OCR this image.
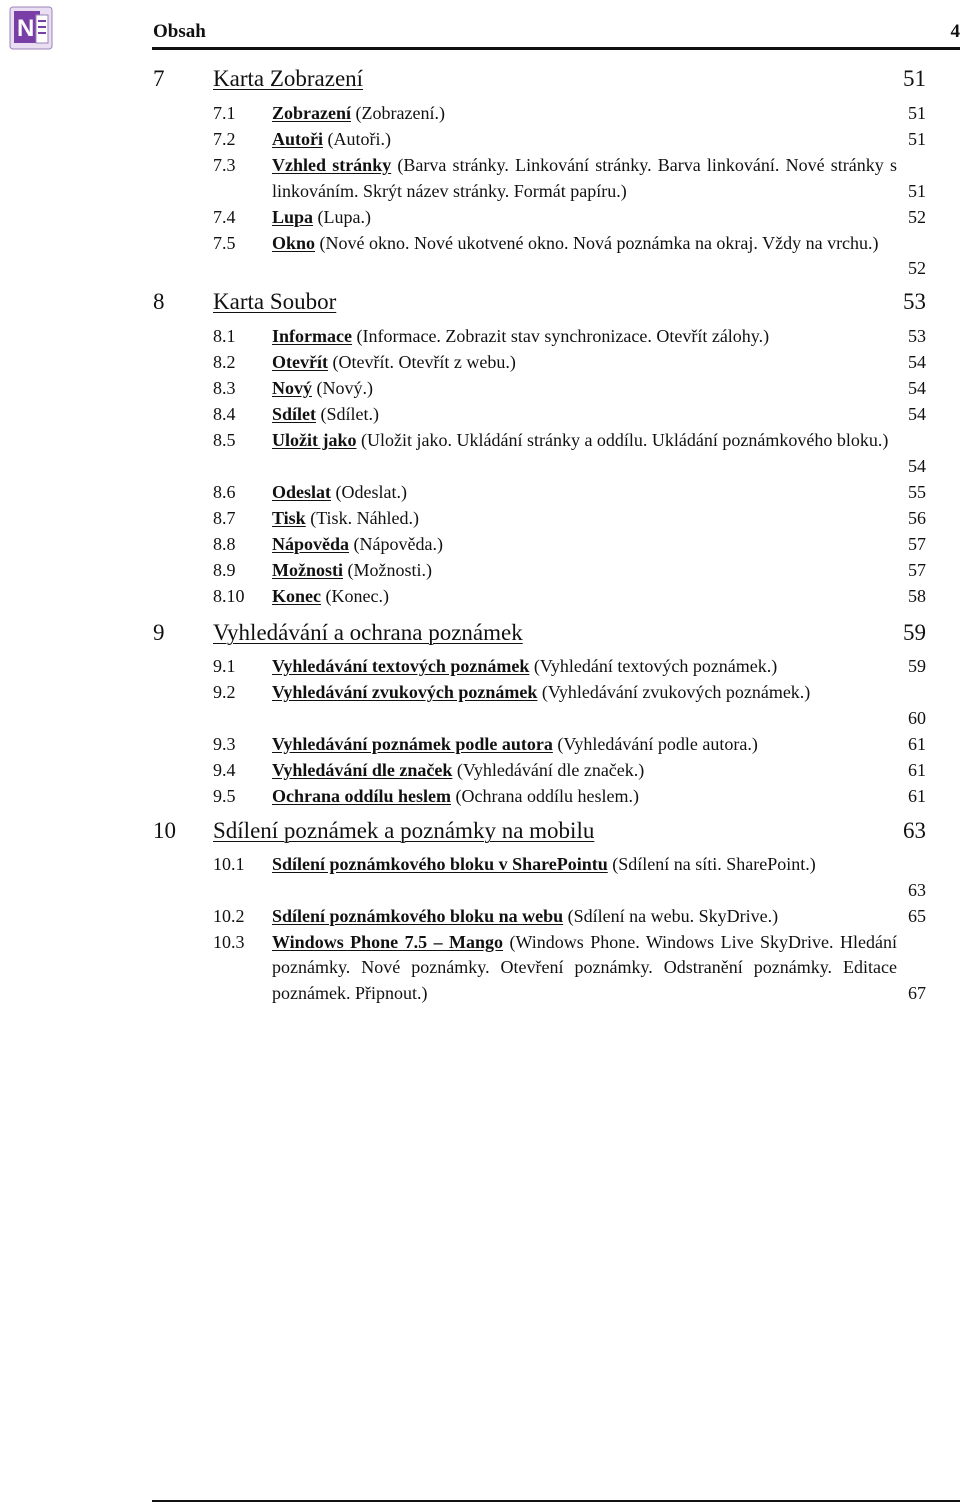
N	Obsah	4
7 Karta Zobrazení	51
7.1 Zobrazení (Zobrazení.)	51
7.2 Autoři (Autoři.)	51
7.3 Vzhled stránky (Barva stránky. Linkování stránky. Barva linkování. Nové stránky s linkováním. Skrýt název stránky. Formát papíru.)	51
7.4 Lupa (Lupa.)	52
7.5 Okno (Nové okno. Nové ukotvené okno. Nová poznámka na okraj. Vždy na vrchu.)
52
8 Karta Soubor	53
8.1 Informace (Informace. Zobrazit stav synchronizace. Otevřít zálohy.)	53
8.2 Otevřít (Otevřít. Otevřít z webu.)	54
8.3 Nový (Nový.)	54
8.4 Sdílet (Sdílet.)	54
8.5 Uložit jako (Uložit jako. Ukládání stránky a oddílu. Ukládání poznámkového bloku.)
54
8.6 Odeslat (Odeslat.)	55
8.7 Tisk (Tisk. Náhled.)	56
8.8 Nápověda (Nápověda.)	57
8.9 Možnosti (Možnosti.)	57
8.10 Konec (Konec.)	58
9 Vyhledávání a ochrana poznámek	59
9.1 Vyhledávání textových poznámek (Vyhledání textových poznámek.)	59
9.2 Vyhledávání zvukových poznámek (Vyhledávání zvukových poznámek.)
60
9.3 Vyhledávání poznámek podle autora (Vyhledávání podle autora.)	61
9.4 Vyhledávání dle značek (Vyhledávání dle značek.)	61
9.5 Ochrana oddílu heslem (Ochrana oddílu heslem.)	61
10 Sdílení poznámek a poznámky na mobilu	63
10.1 Sdílení poznámkového bloku v SharePointu (Sdílení na síti. SharePoint.)
63
10.2 Sdílení poznámkového bloku na webu (Sdílení na webu. SkyDrive.)	65
10.3 Windows Phone 7.5 – Mango (Windows Phone. Windows Live SkyDrive. Hledání poznámky. Nové poznámky. Otevření poznámky. Odstranění poznámky. Editace poznámek. Připnout.)	67
